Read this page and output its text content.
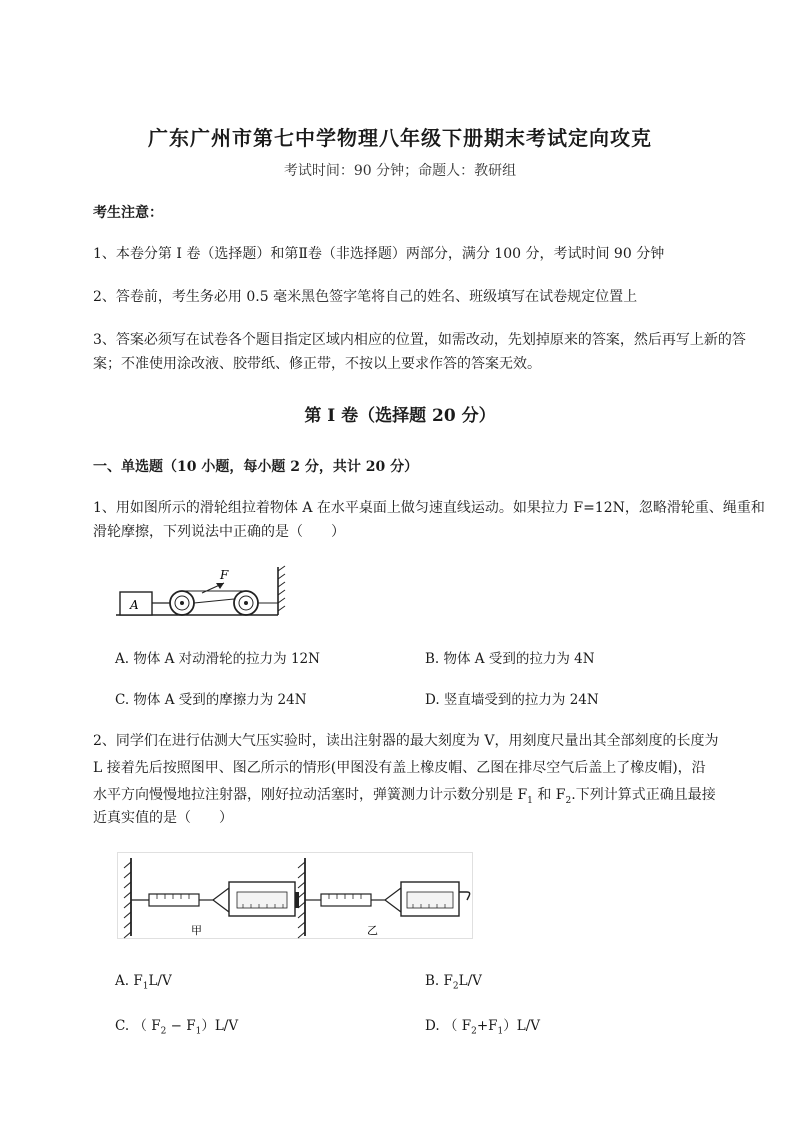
广东广州市第七中学物理八年级下册期末考试定向攻克
考试时间：90 分钟；命题人：教研组
考生注意：
1、本卷分第 I 卷（选择题）和第Ⅱ卷（非选择题）两部分，满分 100 分，考试时间 90 分钟
2、答卷前，考生务必用 0.5 毫米黑色签字笔将自己的姓名、班级填写在试卷规定位置上
3、答案必须写在试卷各个题目指定区域内相应的位置，如需改动，先划掉原来的答案，然后再写上新的答案；不准使用涂改液、胶带纸、修正带，不按以上要求作答的答案无效。
第 I 卷（选择题 20 分）
一、单选题（10 小题，每小题 2 分，共计 20 分）
1、用如图所示的滑轮组拉着物体 A 在水平桌面上做匀速直线运动。如果拉力 F=12N，忽略滑轮重、绳重和滑轮摩擦，下列说法中正确的是（　　）
A
F
A. 物体 A 对动滑轮的拉力为 12N	B. 物体 A 受到的拉力为 4N
C. 物体 A 受到的摩擦力为 24N	D. 竖直墙受到的拉力为 24N
2、同学们在进行估测大气压实验时，读出注射器的最大刻度为 V，用刻度尺量出其全部刻度的长度为
L 接着先后按照图甲、图乙所示的情形(甲图没有盖上橡皮帽、乙图在排尽空气后盖上了橡皮帽)，沿
水平方向慢慢地拉注射器，刚好拉动活塞时，弹簧测力计示数分别是 $F_1$ 和 $F_2$.下列计算式正确且最接
近真实值的是（　　）
甲	乙
A. $F_1L/V$	B. $F_2L/V$
C. （ $F_2 - F_1)L/V$	D. （ $F_2+F_1)L/V$
